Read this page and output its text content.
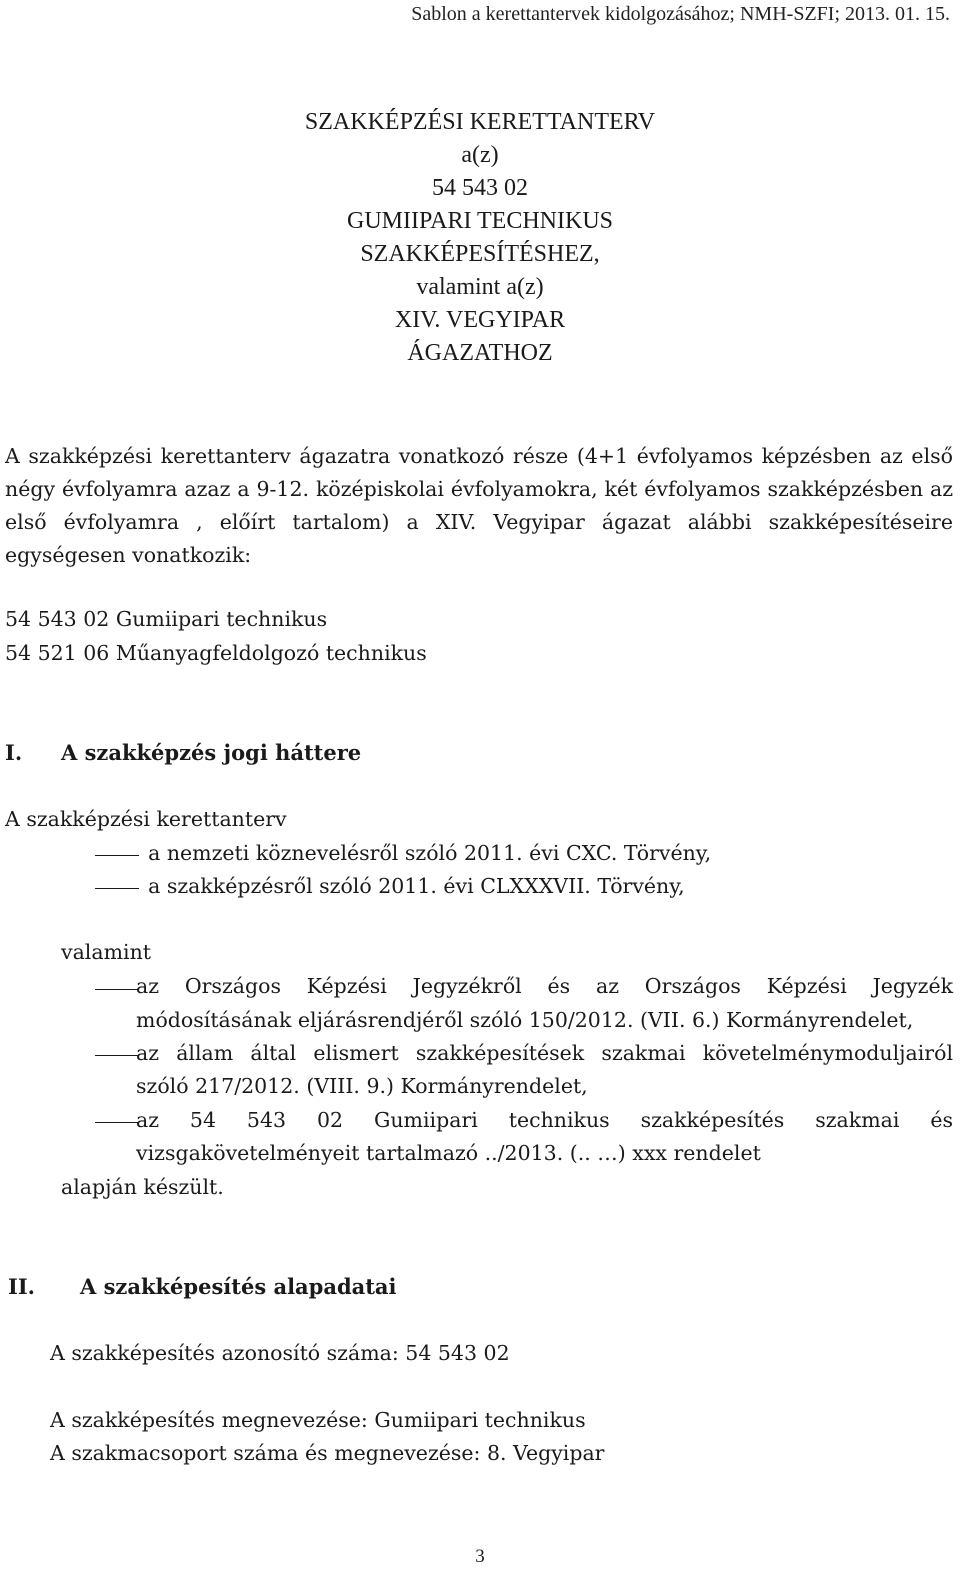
Sablon a kerettantervek kidolgozásához; NMH-SZFI; 2013. 01. 15.
SZAKKÉPZÉSI KERETTANTERV
a(z)
54 543 02
GUMIIPARI TECHNIKUS
SZAKKÉPESÍTÉSHEZ,
valamint a(z)
XIV. VEGYIPAR
ÁGAZATHOZ
A szakképzési kerettanterv ágazatra vonatkozó része (4+1 évfolyamos képzésben az első négy évfolyamra azaz a 9-12. középiskolai évfolyamokra, két évfolyamos szakképzésben az első évfolyamra , előírt tartalom) a XIV. Vegyipar ágazat alábbi szakképesítéseire egységesen vonatkozik:
54 543 02 Gumiipari technikus
54 521 06 Műanyagfeldolgozó technikus
I. A szakképzés jogi háttere
A szakképzési kerettanterv
a nemzeti köznevelésről szóló 2011. évi CXC. Törvény,
a szakképzésről szóló 2011. évi CLXXXVII. Törvény,
valamint
az Országos Képzési Jegyzékről és az Országos Képzési Jegyzék
módosításának eljárásrendjéről szóló 150/2012. (VII. 6.) Kormányrendelet,
az állam által elismert szakképesítések szakmai követelménymoduljairól
szóló 217/2012. (VIII. 9.) Kormányrendelet,
az 54 543 02 Gumiipari technikus szakképesítés szakmai és
vizsgakövetelményeit tartalmazó ../2013. (.. …) xxx rendelet
alapján készült.
II. A szakképesítés alapadatai
A szakképesítés azonosító száma: 54 543 02
A szakképesítés megnevezése: Gumiipari technikus
A szakmacsoport száma és megnevezése: 8. Vegyipar
3
